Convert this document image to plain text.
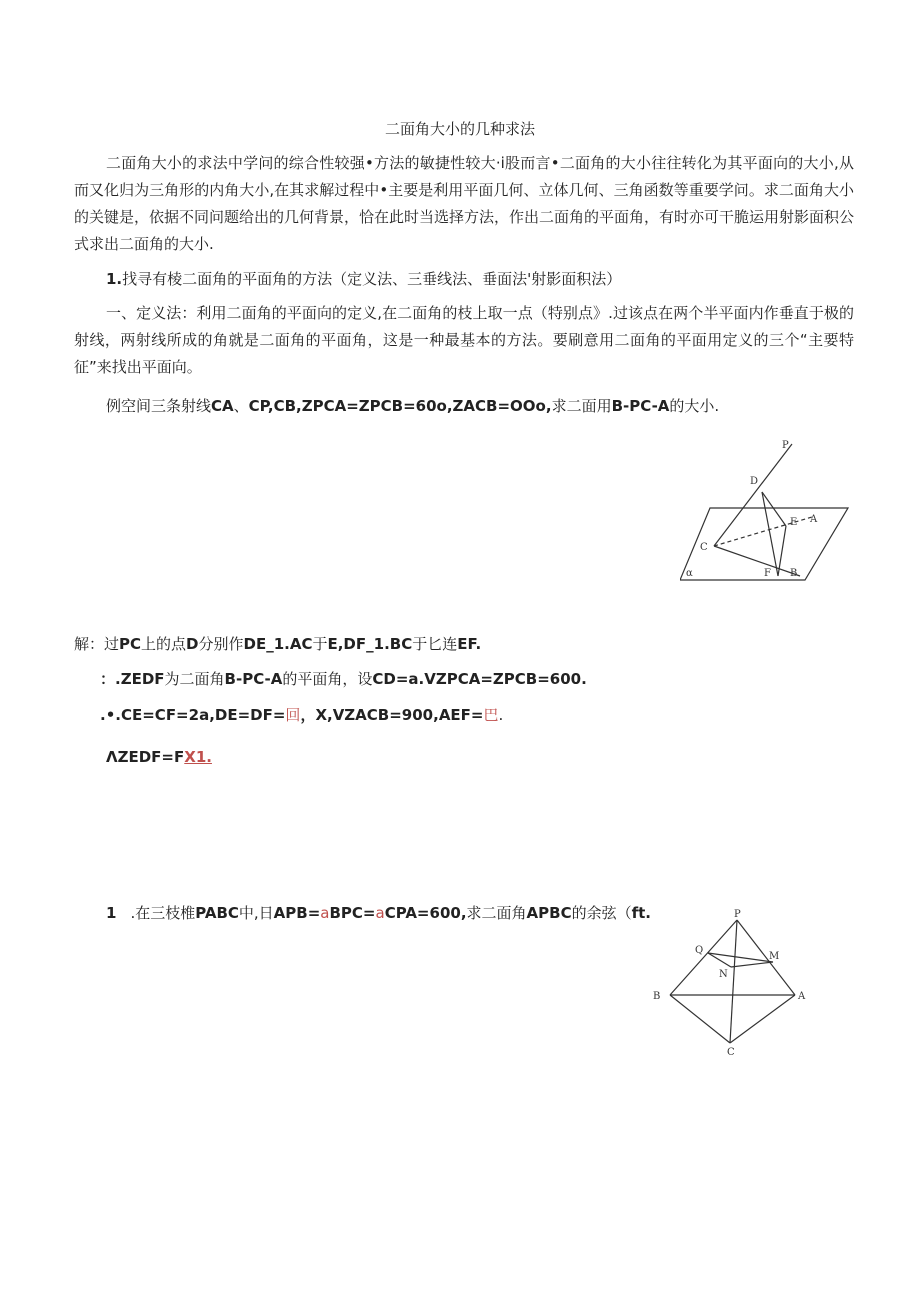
二面角大小的几种求法
二面角大小的求法中学问的综合性较强•方法的敏捷性较大·i股而言•二面角的大小往往转化为其平面向的大小,从而又化归为三角形的内角大小,在其求解过程中•主要是利用平面几何、立体几何、三角函数等重要学问。求二面角大小的关键是，依据不同问题给出的几何背景，恰在此时当选择方法，作出二面角的平面角，有时亦可干脆运用射影面积公式求出二面角的大小.
1.找寻有棱二面角的平面角的方法（定义法、三垂线法、垂面法'射影面积法）
一、定义法：利用二面角的平面向的定义,在二面角的枝上取一点（特别点》.过该点在两个半平面内作垂直于极的射线，两射线所成的角就是二面角的平面角，这是一种最基本的方法。要刷意用二面角的平面用定义的三个“主要特征”来找出平面向。
例空间三条射线CA、CP,CB,ZPCA=ZPCB=60o,ZACB=OOo,求二面用B-PC-A的大小.
P
D
E A
C
F B
α
解：过PC上的点D分别作DE_1.AC于E,DF_1.BC于匕连EF.
：.ZEDF为二面角B-PC-A的平面角，设CD=a.VZPCA=ZPCB=600.
.•.CE=CF=2a,DE=DF=回，X,VZACB=900,AEF=巴.
ΛZEDF=FX1.
1 .在三枝椎PABC中,日APB=aBPC=aCPA=600,求二面角APBC的余弦（ft.	P
Q
M
N
B	A
C
